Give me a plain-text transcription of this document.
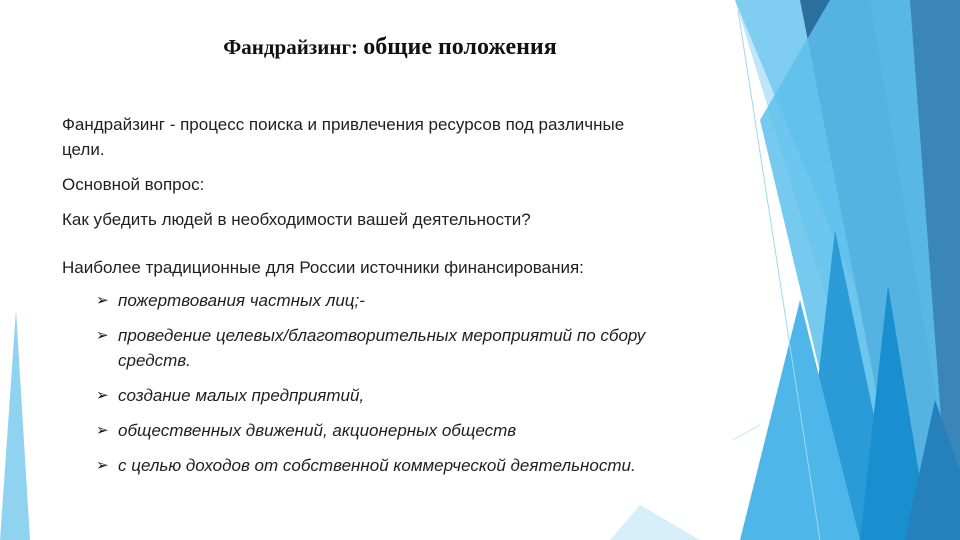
Фандрайзинг: общие положения

Фандрайзинг - процесс поиска и привлечения ресурсов под различные цели.

Основной вопрос:

Как убедить людей в необходимости вашей деятельности?

Наиболее традиционные для России источники финансирования:

➢ пожертвования частных лиц;-
➢ проведение целевых/благотворительных мероприятий по сбору средств.
➢ создание малых предприятий,
➢ общественных движений, акционерных обществ
➢ с целью доходов от собственной коммерческой деятельности.
